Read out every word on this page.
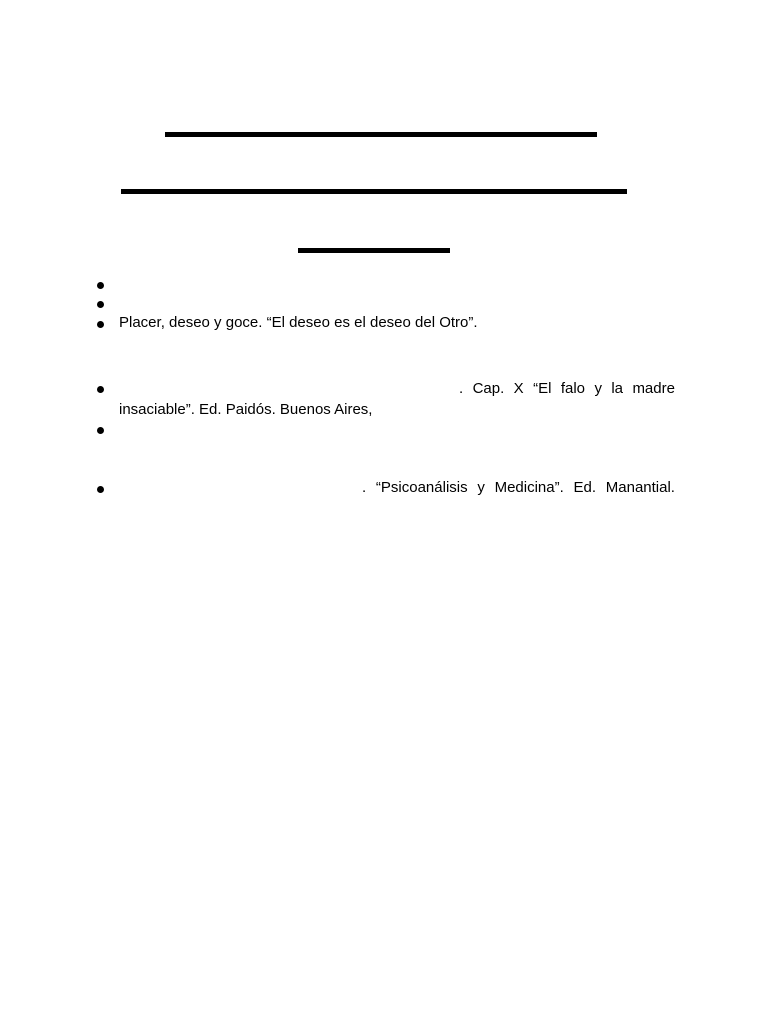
Placer, deseo y goce. “El deseo es el deseo del Otro”.
. Cap. X “El falo y la madre
insaciable”. Ed. Paidós. Buenos Aires,
. “Psicoanálisis y Medicina”. Ed. Manantial.
